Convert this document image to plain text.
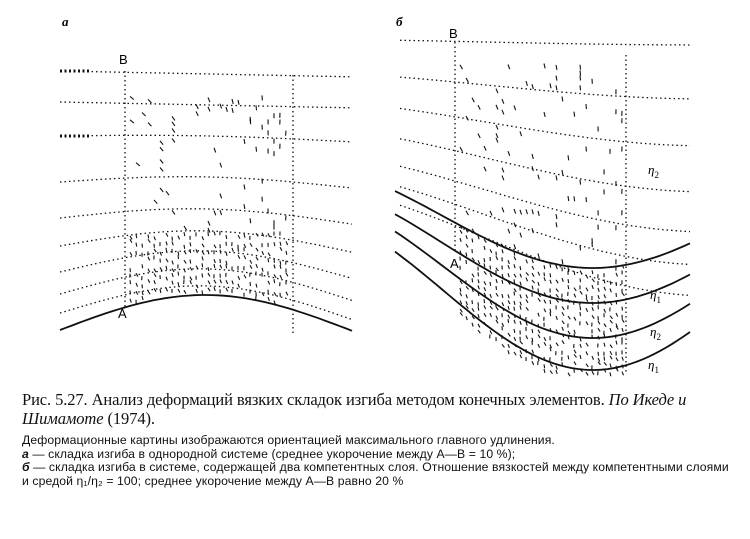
а
B
A
б
B
A
$\eta_2$
$\eta_1$
$\eta_2$
$\eta_1$

Рис. 5.27. Анализ деформаций вязких складок изгиба методом конечных элементов. По Икеде и Шимамоте (1974).

Деформационные картины изображаются ориентацией максимального главного удлинения.

а — складка изгиба в однородной системе (среднее укорочение между А—В = 10 %);

б — складка изгиба в системе, содержащей два компетентных слоя. Отношение вязкостей между компетентными слоями и средой η₁/η₂ = 100; среднее укорочение между А—В равно 20 %
